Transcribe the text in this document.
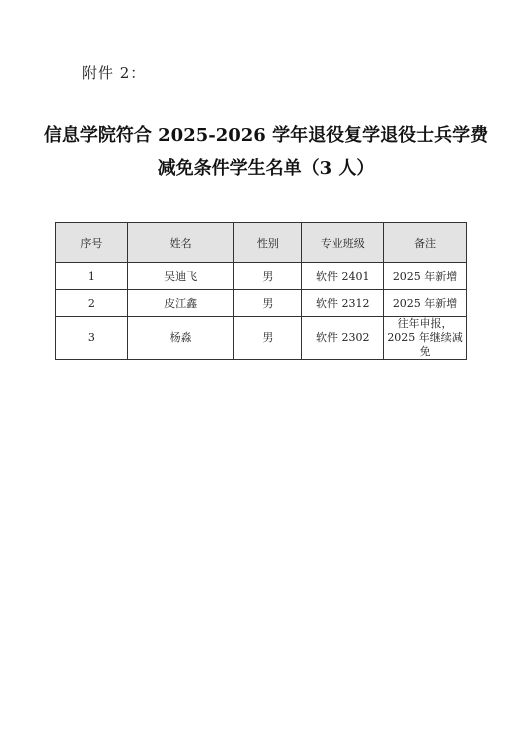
附件 2：
信息学院符合 2025-2026 学年退役复学退役士兵学费
减免条件学生名单（3 人）
序号	姓名	性别	专业班级	备注
1	吴迪飞	男	软件 2401	2025 年新增
2	皮江鑫	男	软件 2312	2025 年新增
3	杨淼	男	软件 2302	往年申报，2025 年继续减免
